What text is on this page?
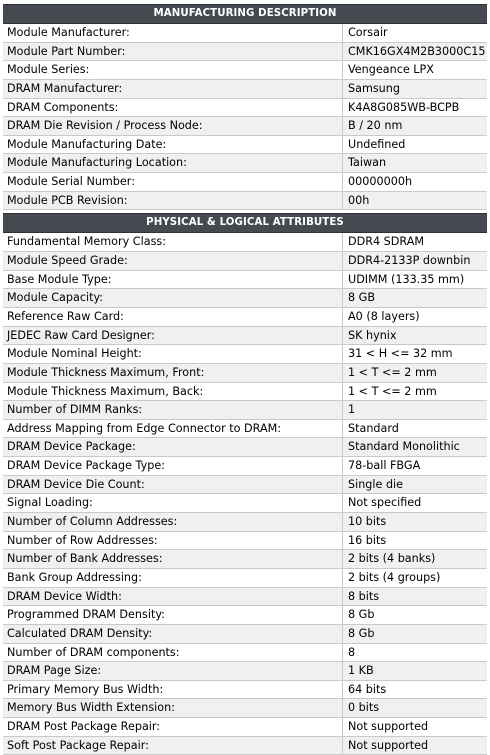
MANUFACTURING DESCRIPTION
Module Manufacturer:	Corsair
Module Part Number:	CMK16GX4M2B3000C15
Module Series:	Vengeance LPX
DRAM Manufacturer:	Samsung
DRAM Components:	K4A8G085WB-BCPB
DRAM Die Revision / Process Node:	B / 20 nm
Module Manufacturing Date:	Undefined
Module Manufacturing Location:	Taiwan
Module Serial Number:	00000000h
Module PCB Revision:	00h
PHYSICAL & LOGICAL ATTRIBUTES
Fundamental Memory Class:	DDR4 SDRAM
Module Speed Grade:	DDR4-2133P downbin
Base Module Type:	UDIMM (133.35 mm)
Module Capacity:	8 GB
Reference Raw Card:	A0 (8 layers)
JEDEC Raw Card Designer:	SK hynix
Module Nominal Height:	31 < H <= 32 mm
Module Thickness Maximum, Front:	1 < T <= 2 mm
Module Thickness Maximum, Back:	1 < T <= 2 mm
Number of DIMM Ranks:	1
Address Mapping from Edge Connector to DRAM:	Standard
DRAM Device Package:	Standard Monolithic
DRAM Device Package Type:	78-ball FBGA
DRAM Device Die Count:	Single die
Signal Loading:	Not specified
Number of Column Addresses:	10 bits
Number of Row Addresses:	16 bits
Number of Bank Addresses:	2 bits (4 banks)
Bank Group Addressing:	2 bits (4 groups)
DRAM Device Width:	8 bits
Programmed DRAM Density:	8 Gb
Calculated DRAM Density:	8 Gb
Number of DRAM components:	8
DRAM Page Size:	1 KB
Primary Memory Bus Width:	64 bits
Memory Bus Width Extension:	0 bits
DRAM Post Package Repair:	Not supported
Soft Post Package Repair:	Not supported
